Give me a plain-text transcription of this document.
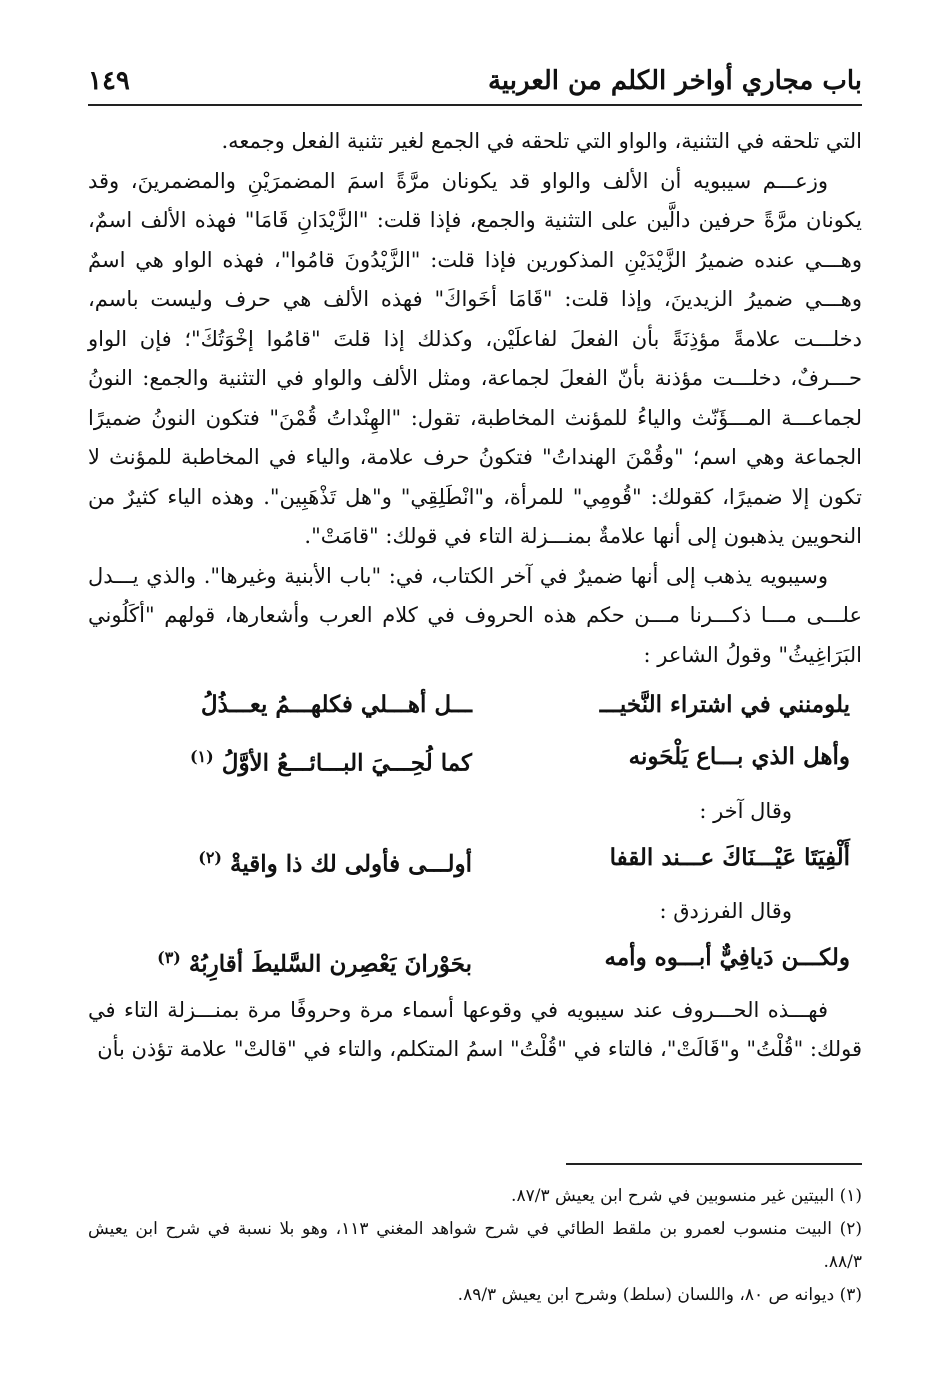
باب مجاري أواخر الكلم من العربية
١٤٩

التي تلحقه في التثنية، والواو التي تلحقه في الجمع لغير تثنية الفعل وجمعه.

وزعـــم سيبويه أن الألف والواو قد يكونان مرَّةً اسمَ المضمرَيْنِ والمضمرينَ، وقد يكونان مرَّةً حرفين دالَّين على التثنية والجمع، فإذا قلت: "الزَّيْدَانِ قَامَا" فهذه الألف اسمٌ، وهـــي عنده ضميرُ الزَّيْدَيْنِ المذكورين فإذا قلت: "الزَّيْدُونَ قامُوا"، فهذه الواو هي اسمٌ وهـــي ضميرُ الزيدينَ، وإذا قلت: "قَامَا أخَواكَ" فهذه الألف هي حرف وليست باسم، دخلـــت علامةً مؤذِنَةً بأن الفعلَ لفاعلَيْن، وكذلك إذا قلتَ "قامُوا إخْوَتُكَ"؛ فإن الواو حـــرفٌ، دخلـــت مؤذنة بأنّ الفعلَ لجماعة، ومثل الألف والواو في التثنية والجمع: النونُ لجماعـــة المـــؤَنّث والياءُ للمؤنث المخاطبة، تقول: "الهِنْداتُ قُمْنَ" فتكون النونُ ضميرًا الجماعة وهي اسم؛ "وقُمْنَ الهنداتُ" فتكونُ حرف علامة، والياء في المخاطبة للمؤنث لا تكون إلا ضميرًا، كقولك: "قُومِي" للمرأة، و"انْطَلِقِي" و"هل تَذْهَبِين". وهذه الياء كثيرٌ من النحويين يذهبون إلى أنها علامةٌ بمنـــزلة التاء في قولك: "قامَتْ".

وسيبويه يذهب إلى أنها ضميرٌ في آخر الكتاب، في: "باب الأبنية وغيرها". والذي يـــدل علـــى مـــا ذكـــرنا مـــن حكم هذه الحروف في كلام العرب وأشعارها، قولهم "أكَلُوني البَرَاغِيثُ" وقولُ الشاعر :

يلومنني في اشتراء النَّخيـــ
ـــل أهـــلي فكلهـــمُ يعـــذُلُ
وأهل الذي بـــاع يَلْحَونه
كما لُحِـــيَ البـــائـــعُ الأوَّلُ $^{(١)}$
وقال آخر :
أَلْفِيَتَا عَيْـــنَاكَ عـــند القفا
أولـــى فأولى لك ذا واقيةْ $^{(٢)}$
وقال الفرزدق :
ولكـــن دَيافِيٌّ أبـــوه وأمه
بحَوْرانَ يَعْصِرن السَّليطَ أقارِبُهْ $^{(٣)}$

فهـــذه الحـــروف عند سيبويه في وقوعها أسماء مرة وحروفًا مرة بمنـــزلة التاء في قولك: "قُلْتُ" و"قَالَتْ"، فالتاء في "قُلْتُ" اسمُ المتكلم، والتاء في "قالتْ" علامة تؤذن بأن

(١) البيتين غير منسوبين في شرح ابن يعيش ٨٧/٣.

(٢) البيت منسوب لعمرو بن ملقط الطائي في شرح شواهد المغني ١١٣، وهو بلا نسبة في شرح ابن يعيش ٨٨/٣.

(٣) ديوانه ص ٨٠، واللسان (سلط) وشرح ابن يعيش ٨٩/٣.
